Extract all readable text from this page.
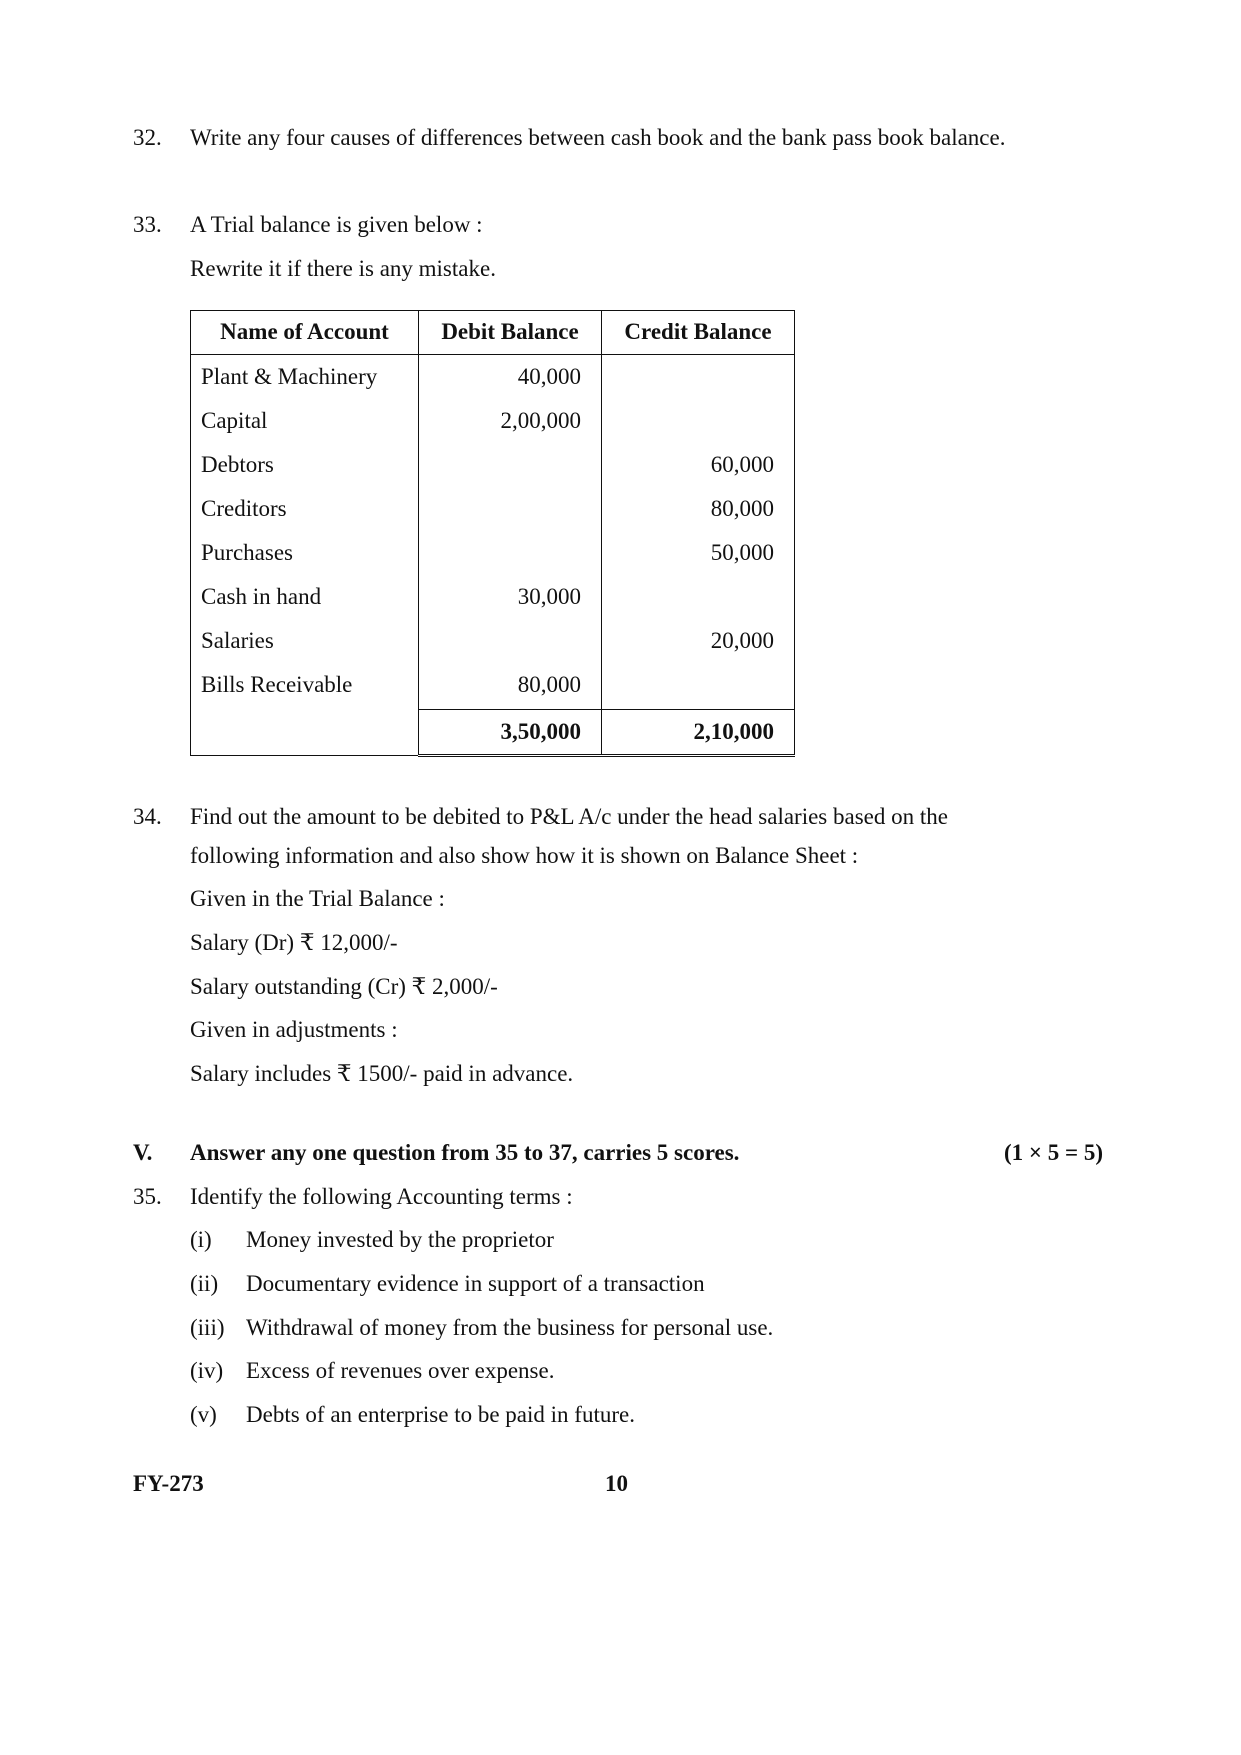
32. Write any four causes of differences between cash book and the bank pass book balance.
33. A Trial balance is given below :
Rewrite it if there is any mistake.
Name of Account	Debit Balance	Credit Balance
Plant & Machinery	40,000	
Capital	2,00,000	
Debtors		60,000
Creditors		80,000
Purchases		50,000
Cash in hand	30,000	
Salaries		20,000
Bills Receivable	80,000	
	3,50,000	2,10,000
34. Find out the amount to be debited to P&L A/c under the head salaries based on the
following information and also show how it is shown on Balance Sheet :
Given in the Trial Balance :
Salary (Dr) ₹ 12,000/-
Salary outstanding (Cr) ₹ 2,000/-
Given in adjustments :
Salary includes ₹ 1500/- paid in advance.
V. Answer any one question from 35 to 37, carries 5 scores.	(1 × 5 = 5)
35. Identify the following Accounting terms :
(i) Money invested by the proprietor
(ii) Documentary evidence in support of a transaction
(iii) Withdrawal of money from the business for personal use.
(iv) Excess of revenues over expense.
(v) Debts of an enterprise to be paid in future.
FY-273	10
